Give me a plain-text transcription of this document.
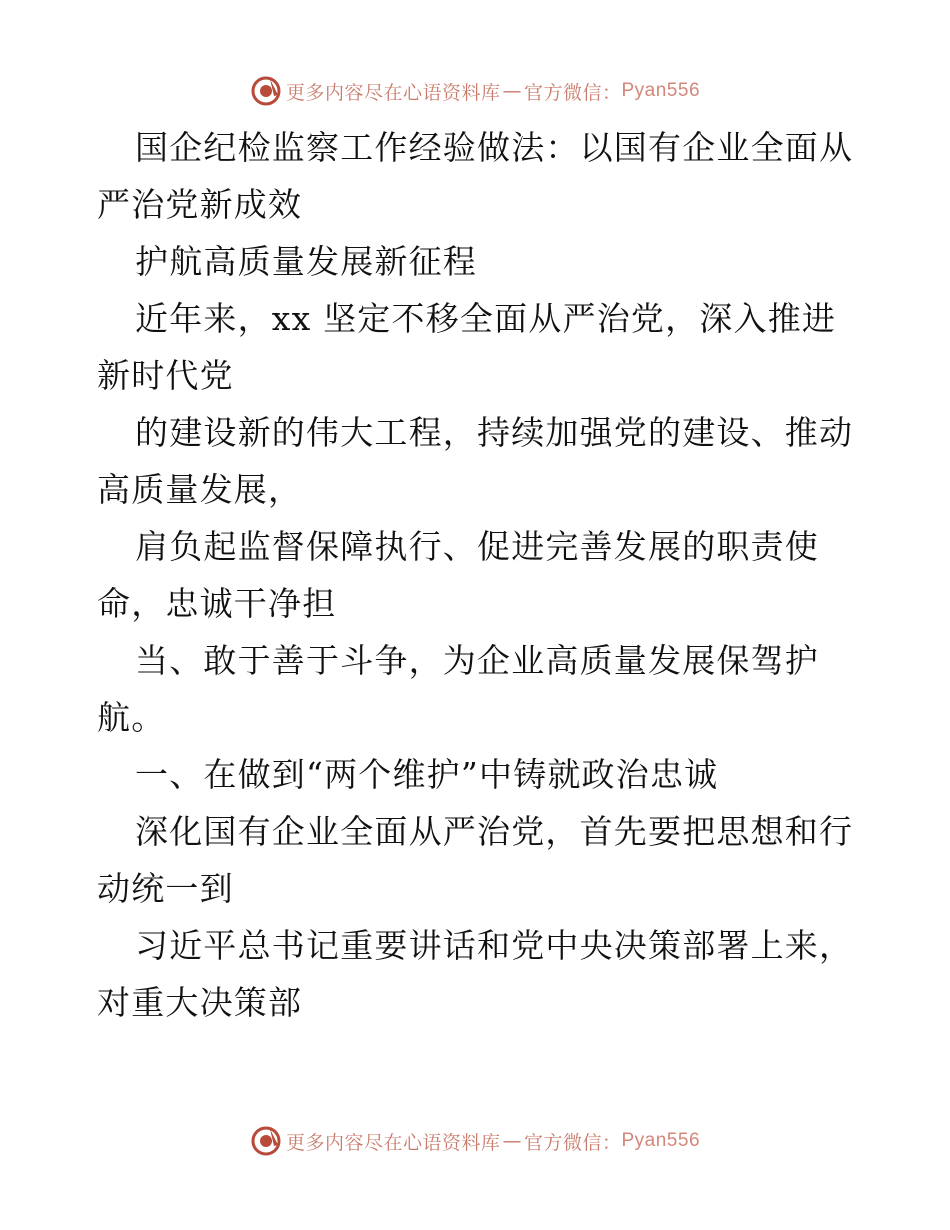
更多内容尽在心语资料库 — 官方微信： Pyan556

国企纪检监察工作经验做法：以国有企业全面从严治党新成效

护航高质量发展新征程

近年来，xx 坚定不移全面从严治党，深入推进新时代党

的建设新的伟大工程，持续加强党的建设、推动高质量发展，

肩负起监督保障执行、促进完善发展的职责使命，忠诚干净担

当、敢于善于斗争，为企业高质量发展保驾护航。

一、在做到“两个维护”中铸就政治忠诚

深化国有企业全面从严治党，首先要把思想和行动统一到

习近平总书记重要讲话和党中央决策部署上来，对重大决策部

更多内容尽在心语资料库 — 官方微信： Pyan556
